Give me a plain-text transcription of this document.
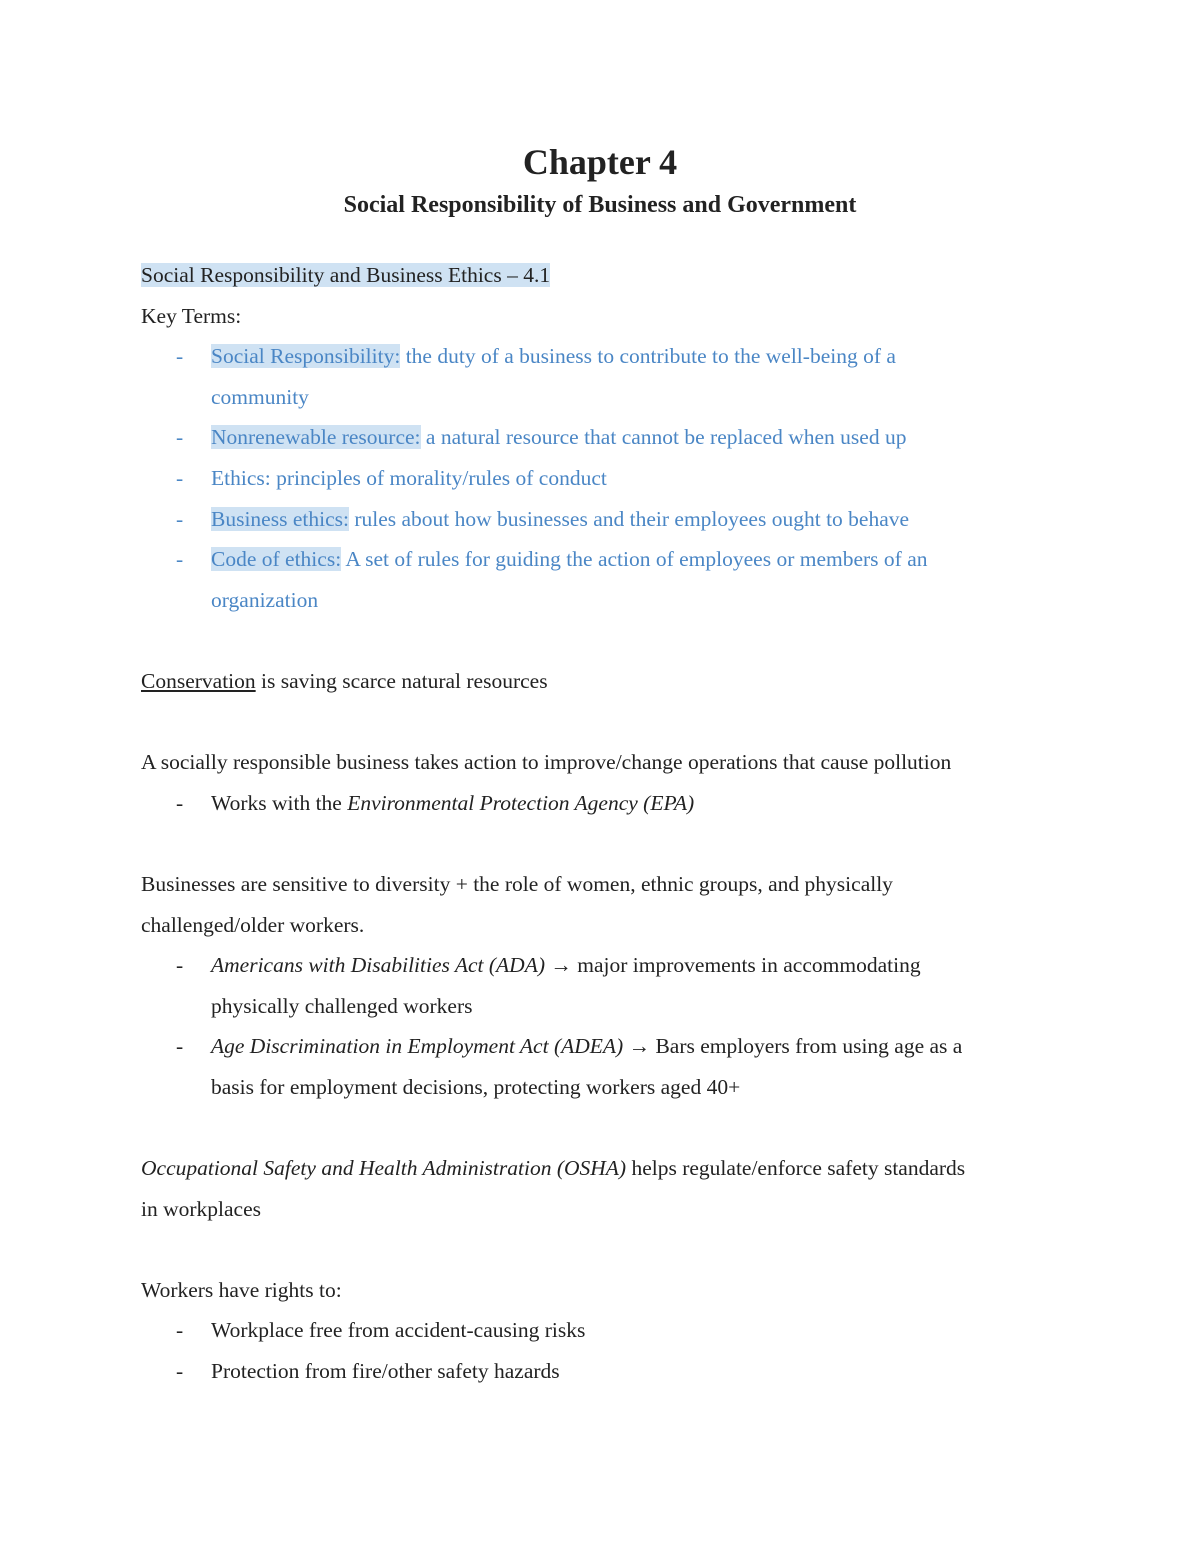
Chapter 4
Social Responsibility of Business and Government
Social Responsibility and Business Ethics – 4.1
Key Terms:
- Social Responsibility: the duty of a business to contribute to the well-being of a
community
- Nonrenewable resource: a natural resource that cannot be replaced when used up
- Ethics: principles of morality/rules of conduct
- Business ethics: rules about how businesses and their employees ought to behave
- Code of ethics: A set of rules for guiding the action of employees or members of an
organization
Conservation is saving scarce natural resources
A socially responsible business takes action to improve/change operations that cause pollution
- Works with the Environmental Protection Agency (EPA)
Businesses are sensitive to diversity + the role of women, ethnic groups, and physically
challenged/older workers.
- Americans with Disabilities Act (ADA) → major improvements in accommodating
physically challenged workers
- Age Discrimination in Employment Act (ADEA) → Bars employers from using age as a
basis for employment decisions, protecting workers aged 40+
Occupational Safety and Health Administration (OSHA) helps regulate/enforce safety standards
in workplaces
Workers have rights to:
- Workplace free from accident-causing risks
- Protection from fire/other safety hazards
